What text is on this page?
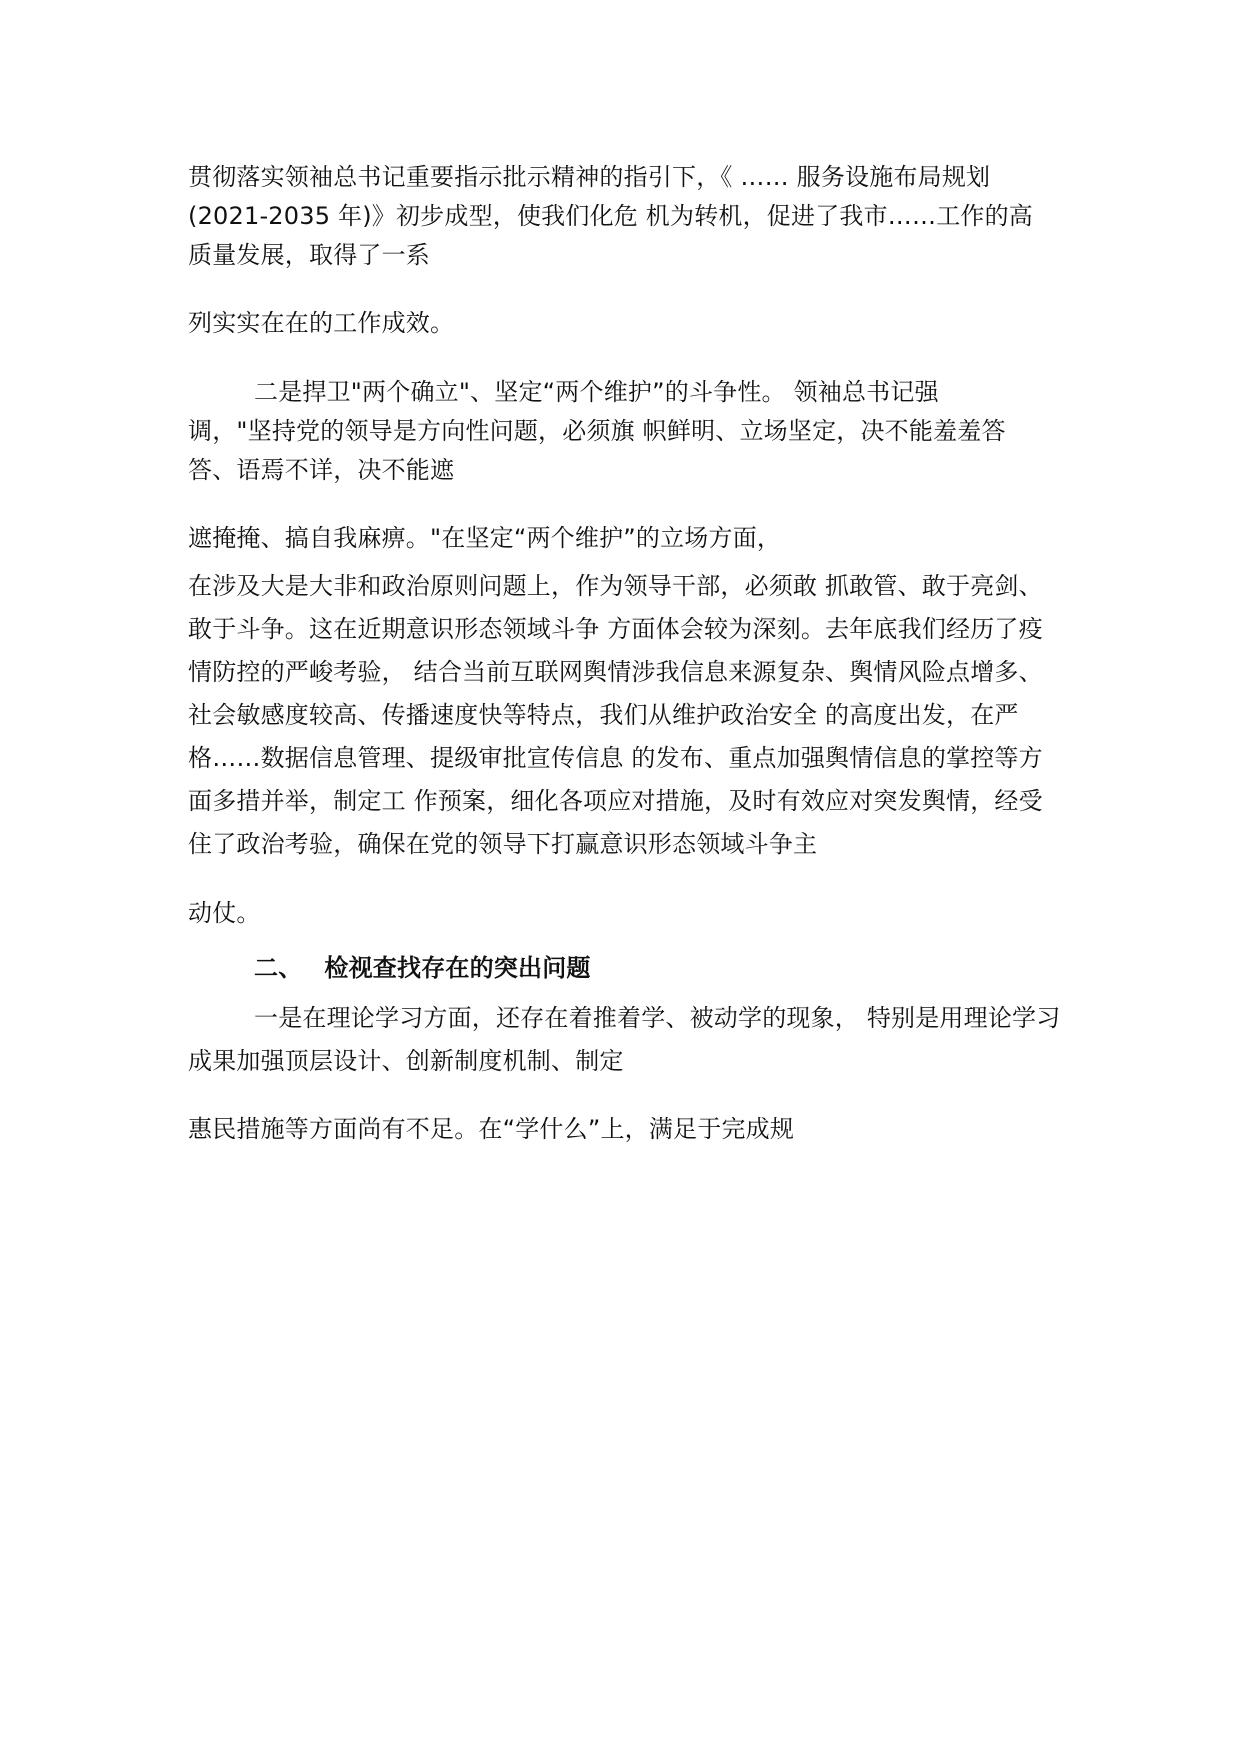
贯彻落实领袖总书记重要指示批示精神的指引下，《 …… 服务设施布局规划
(2021-2035 年)》初步成型，使我们化危 机为转机，促进了我市……工作的高
质量发展，取得了一系
列实实在在的工作成效。
二是捍卫"两个确立"、坚定“两个维护”的斗争性。 领袖总书记强
调，"坚持党的领导是方向性问题，必须旗 帜鲜明、立场坚定，决不能羞羞答
答、语焉不详，决不能遮
遮掩掩、搞自我麻痹。"在坚定“两个维护”的立场方面，
在涉及大是大非和政治原则问题上，作为领导干部，必须敢 抓敢管、敢于亮剑、
敢于斗争。这在近期意识形态领域斗争 方面体会较为深刻。去年底我们经历了疫
情防控的严峻考验， 结合当前互联网舆情涉我信息来源复杂、舆情风险点增多、
社会敏感度较高、传播速度快等特点，我们从维护政治安全 的高度出发，在严
格……数据信息管理、提级审批宣传信息 的发布、重点加强舆情信息的掌控等方
面多措并举，制定工 作预案，细化各项应对措施，及时有效应对突发舆情，经受
住了政治考验，确保在党的领导下打赢意识形态领域斗争主
动仗。
二、 检视查找存在的突出问题
一是在理论学习方面，还存在着推着学、被动学的现象， 特别是用理论学习
成果加强顶层设计、创新制度机制、制定
惠民措施等方面尚有不足。在“学什么”上，满足于完成规
